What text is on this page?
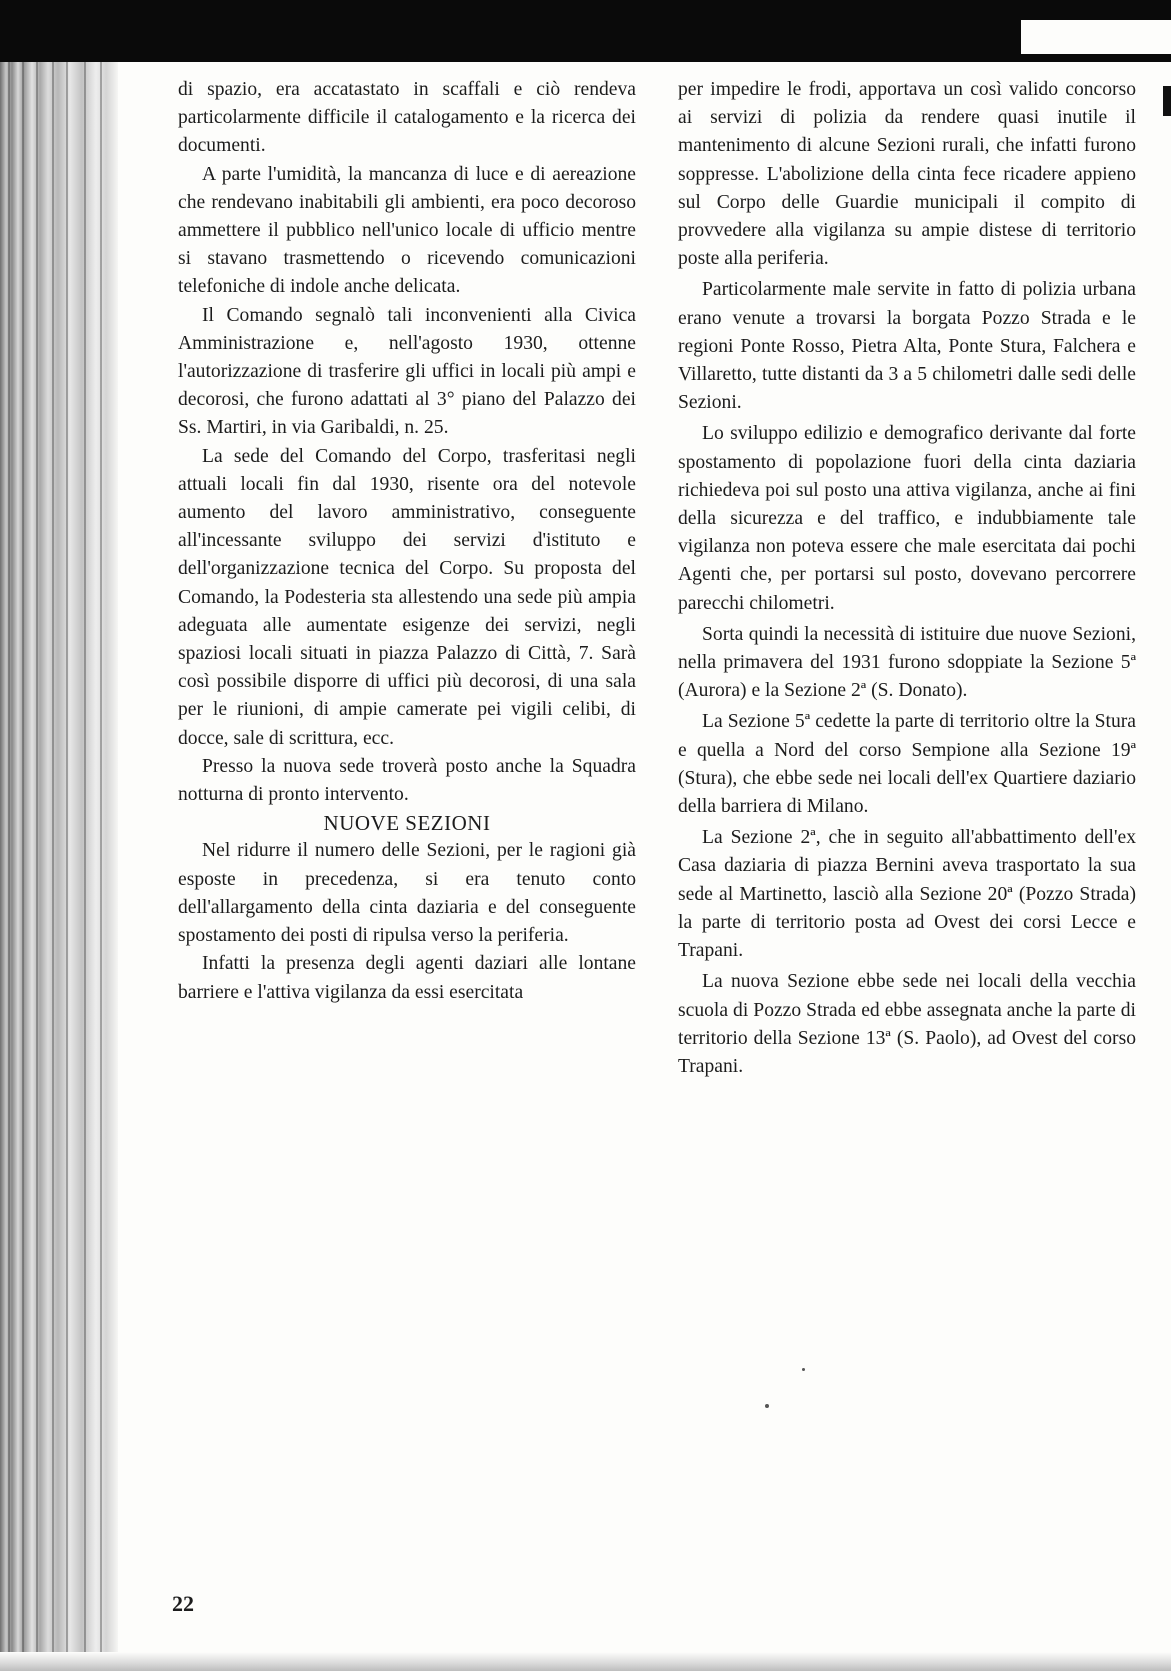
di spazio, era accatastato in scaffali e ciò rendeva particolarmente difficile il catalogamento e la ricerca dei documenti.

A parte l'umidità, la mancanza di luce e di aereazione che rendevano inabitabili gli ambienti, era poco decoroso ammettere il pubblico nell'unico locale di ufficio mentre si stavano trasmettendo o ricevendo comunicazioni telefoniche di indole anche delicata.

Il Comando segnalò tali inconvenienti alla Civica Amministrazione e, nell'agosto 1930, ottenne l'autorizzazione di trasferire gli uffici in locali più ampi e decorosi, che furono adattati al 3° piano del Palazzo dei Ss. Martiri, in via Garibaldi, n. 25.

La sede del Comando del Corpo, trasferitasi negli attuali locali fin dal 1930, risente ora del notevole aumento del lavoro amministrativo, conseguente all'incessante sviluppo dei servizi d'istituto e dell'organizzazione tecnica del Corpo. Su proposta del Comando, la Podesteria sta allestendo una sede più ampia adeguata alle aumentate esigenze dei servizi, negli spaziosi locali situati in piazza Palazzo di Città, 7. Sarà così possibile disporre di uffici più decorosi, di una sala per le riunioni, di ampie camerate pei vigili celibi, di docce, sale di scrittura, ecc.

Presso la nuova sede troverà posto anche la Squadra notturna di pronto intervento.

NUOVE SEZIONI

Nel ridurre il numero delle Sezioni, per le ragioni già esposte in precedenza, si era tenuto conto dell'allargamento della cinta daziaria e del conseguente spostamento dei posti di ripulsa verso la periferia.

Infatti la presenza degli agenti daziari alle lontane barriere e l'attiva vigilanza da essi esercitata

per impedire le frodi, apportava un così valido concorso ai servizi di polizia da rendere quasi inutile il mantenimento di alcune Sezioni rurali, che infatti furono soppresse. L'abolizione della cinta fece ricadere appieno sul Corpo delle Guardie municipali il compito di provvedere alla vigilanza su ampie distese di territorio poste alla periferia.

Particolarmente male servite in fatto di polizia urbana erano venute a trovarsi la borgata Pozzo Strada e le regioni Ponte Rosso, Pietra Alta, Ponte Stura, Falchera e Villaretto, tutte distanti da 3 a 5 chilometri dalle sedi delle Sezioni.

Lo sviluppo edilizio e demografico derivante dal forte spostamento di popolazione fuori della cinta daziaria richiedeva poi sul posto una attiva vigilanza, anche ai fini della sicurezza e del traffico, e indubbiamente tale vigilanza non poteva essere che male esercitata dai pochi Agenti che, per portarsi sul posto, dovevano percorrere parecchi chilometri.

Sorta quindi la necessità di istituire due nuove Sezioni, nella primavera del 1931 furono sdoppiate la Sezione 5ª (Aurora) e la Sezione 2ª (S. Donato).

La Sezione 5ª cedette la parte di territorio oltre la Stura e quella a Nord del corso Sempione alla Sezione 19ª (Stura), che ebbe sede nei locali dell'ex Quartiere daziario della barriera di Milano.

La Sezione 2ª, che in seguito all'abbattimento dell'ex Casa daziaria di piazza Bernini aveva trasportato la sua sede al Martinetto, lasciò alla Sezione 20ª (Pozzo Strada) la parte di territorio posta ad Ovest dei corsi Lecce e Trapani.

La nuova Sezione ebbe sede nei locali della vecchia scuola di Pozzo Strada ed ebbe assegnata anche la parte di territorio della Sezione 13ª (S. Paolo), ad Ovest del corso Trapani.

22
